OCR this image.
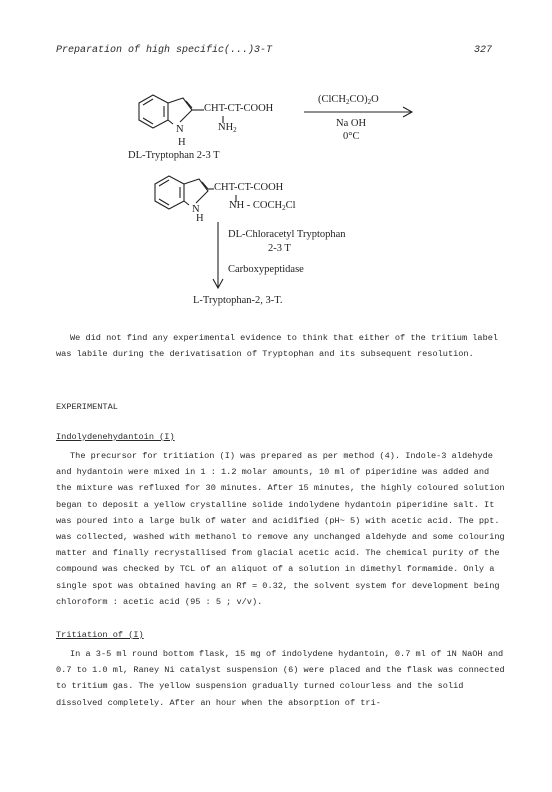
Preparation of high specific(...)3-T	327
$(ClCH_2CO)_2O$
Na OH
0°C
CHT-CT-COOH
$NH_2$
N
H
DL-Tryptophan 2-3 T
CHT-CT-COOH
NH - $COCH_2Cl$
N
H
DL-Chloracetyl Tryptophan
2-3 T
Carboxypeptidase
L-Tryptophan-2, 3-T.

We did not find any experimental evidence to think that either of the tritium label was labile during the derivatisation of Tryptophan and its subsequent resolution.

EXPERIMENTAL
Indolydenehydantoin (I)

The precursor for tritiation (I) was prepared as per method (4). Indole-3 aldehyde and hydantoin were mixed in 1 : 1.2 molar amounts, 10 ml of piperidine was added and the mixture was refluxed for 30 minutes. After 15 minutes, the highly coloured solution began to deposit a yellow crystalline solide indolydene hydantoin piperidine salt. It was poured into a large bulk of water and acidified (pH~ 5) with acetic acid. The ppt. was collected, washed with methanol to remove any unchanged aldehyde and some colouring matter and finally recrystallised from glacial acetic acid. The chemical purity of the compound was checked by TCL of an aliquot of a solution in dimethyl formamide. Only a single spot was obtained having an Rf = 0.32, the solvent system for development being chloroform : acetic acid (95 : 5 ; v/v).

Tritiation of (I)

In a 3-5 ml round bottom flask, 15 mg of indolydene hydantoin, 0.7 ml of 1N NaOH and 0.7 to 1.0 ml, Raney Ni catalyst suspension (6) were placed and the flask was connected to tritium gas. The yellow suspension gradually turned colourless and the solid dissolved completely. After an hour when the absorption of tri-
